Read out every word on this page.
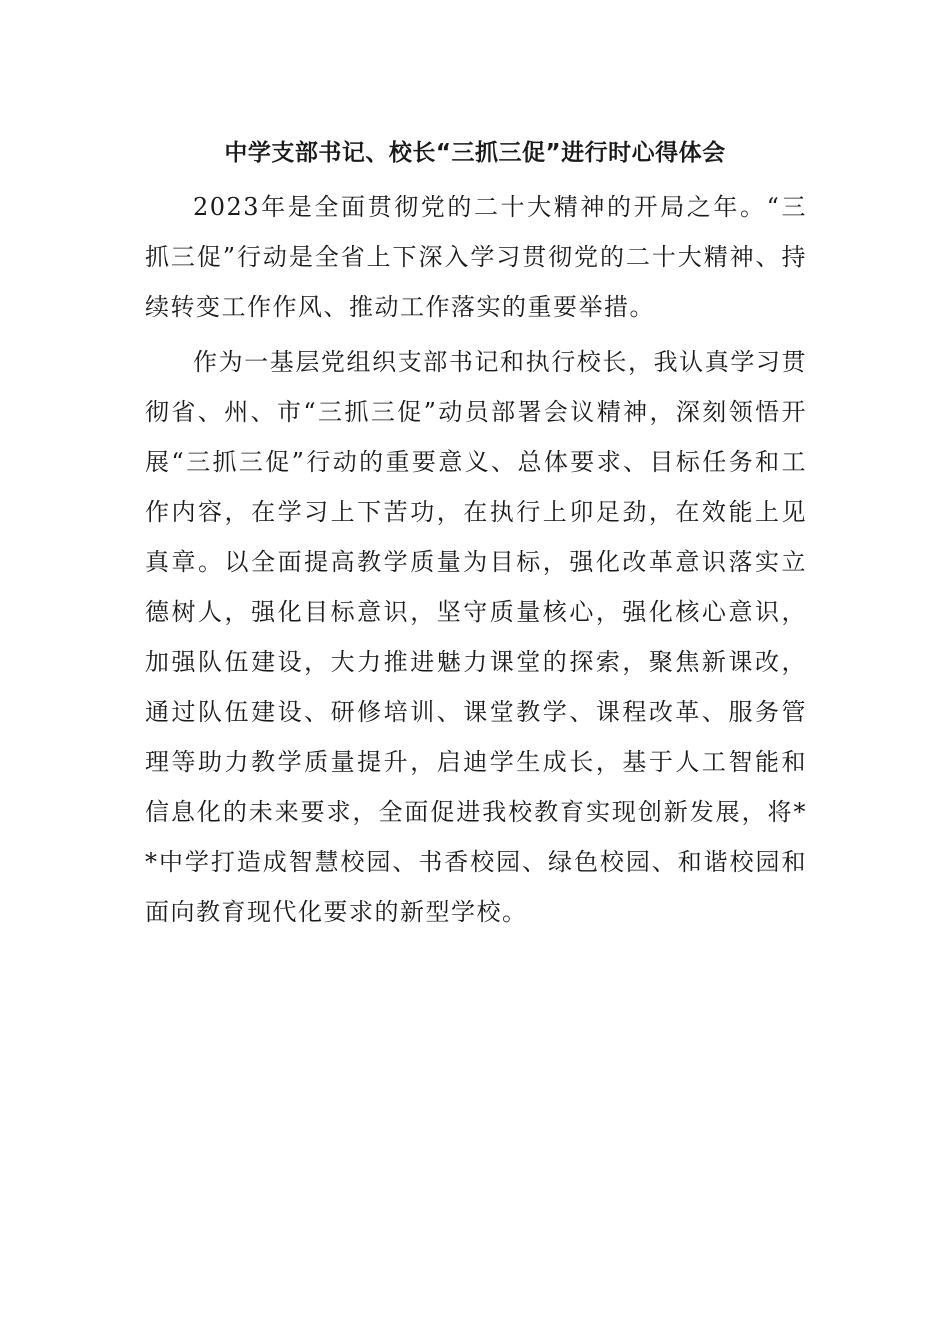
中学支部书记、校长“三抓三促”进行时心得体会

2023年是全面贯彻党的二十大精神的开局之年。“三抓三促”行动是全省上下深入学习贯彻党的二十大精神、持续转变工作作风、推动工作落实的重要举措。

作为一基层党组织支部书记和执行校长，我认真学习贯彻省、州、市“三抓三促”动员部署会议精神，深刻领悟开展“三抓三促”行动的重要意义、总体要求、目标任务和工作内容，在学习上下苦功，在执行上卯足劲，在效能上见真章。以全面提高教学质量为目标，强化改革意识落实立德树人，强化目标意识，坚守质量核心，强化核心意识，加强队伍建设，大力推进魅力课堂的探索，聚焦新课改，通过队伍建设、研修培训、课堂教学、课程改革、服务管理等助力教学质量提升，启迪学生成长，基于人工智能和信息化的未来要求，全面促进我校教育实现创新发展，将**中学打造成智慧校园、书香校园、绿色校园、和谐校园和面向教育现代化要求的新型学校。
